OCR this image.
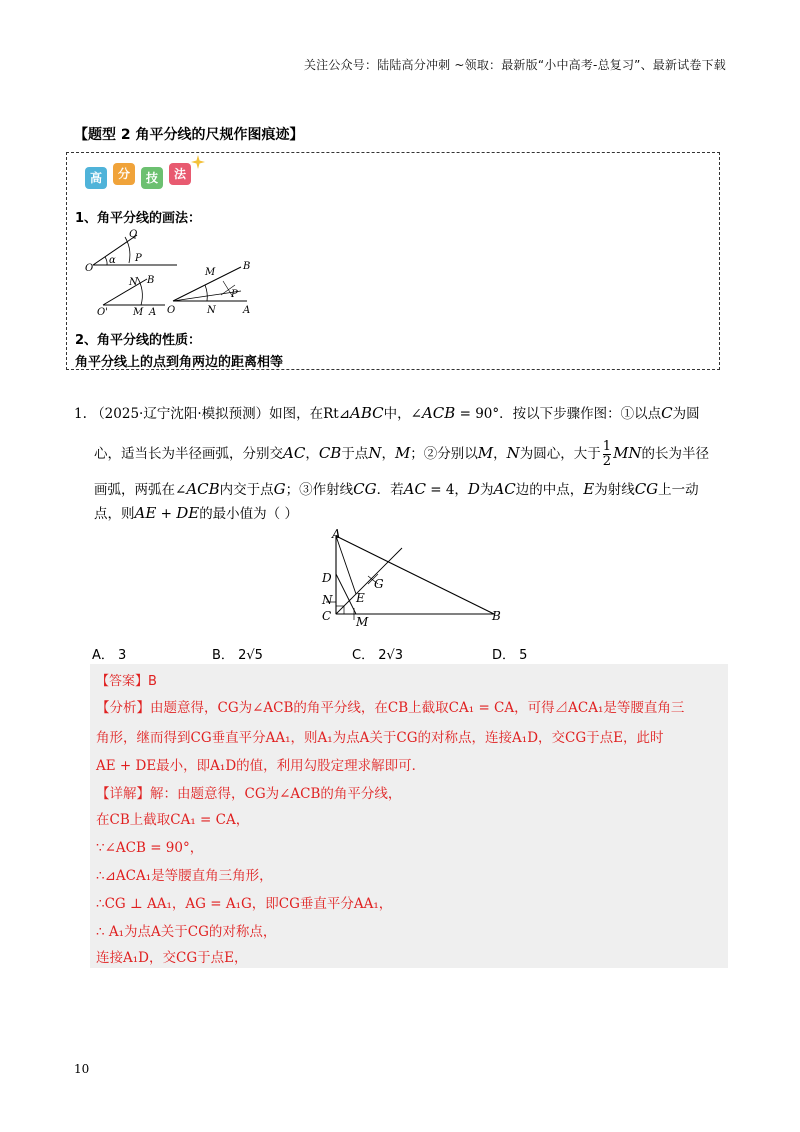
关注公众号：陆陆高分冲刺 ~领取：最新版“小中高考-总复习”、最新试卷下载
【题型 2 角平分线的尺规作图痕迹】
高	分	技	法
1、角平分线的画法：
Q
O
α P
N B
O'	M A
M
B
P
O	N	A
2、角平分线的性质：
角平分线上的点到角两边的距离相等
1. （2025·辽宁沈阳·模拟预测）如图，在Rt⊿ABC中，∠ACB = 90°．按以下步骤作图：①以点C为圆
心，适当长为半径画弧，分别交AC，CB于点N，M；②分别以M，N为圆心，大于 $\frac{1}{2}$ MN的长为半径
画弧，两弧在∠ACB内交于点G；③作射线CG．若AC = 4，D为AC边的中点，E为射线CG上一动
点，则AE + DE的最小值为（ ）
A
D
N
C
E
G
M	B
A． 3	B． 2√5	C． 2√3	D． 5
【答案】B
【分析】由题意得，CG为∠ACB的角平分线，在CB上截取CA₁ = CA，可得⊿ACA₁是等腰直角三
角形，继而得到CG垂直平分AA₁，则A₁为点A关于CG的对称点，连接A₁D，交CG于点E，此时
AE + DE最小，即A₁D的值，利用勾股定理求解即可．
【详解】解：由题意得，CG为∠ACB的角平分线，
在CB上截取CA₁ = CA，
∵∠ACB = 90°，
∴⊿ACA₁是等腰直角三角形，
∴CG ⊥ AA₁，AG = A₁G，即CG垂直平分AA₁，
∴ A₁为点A关于CG的对称点，
连接A₁D，交CG于点E，
10
